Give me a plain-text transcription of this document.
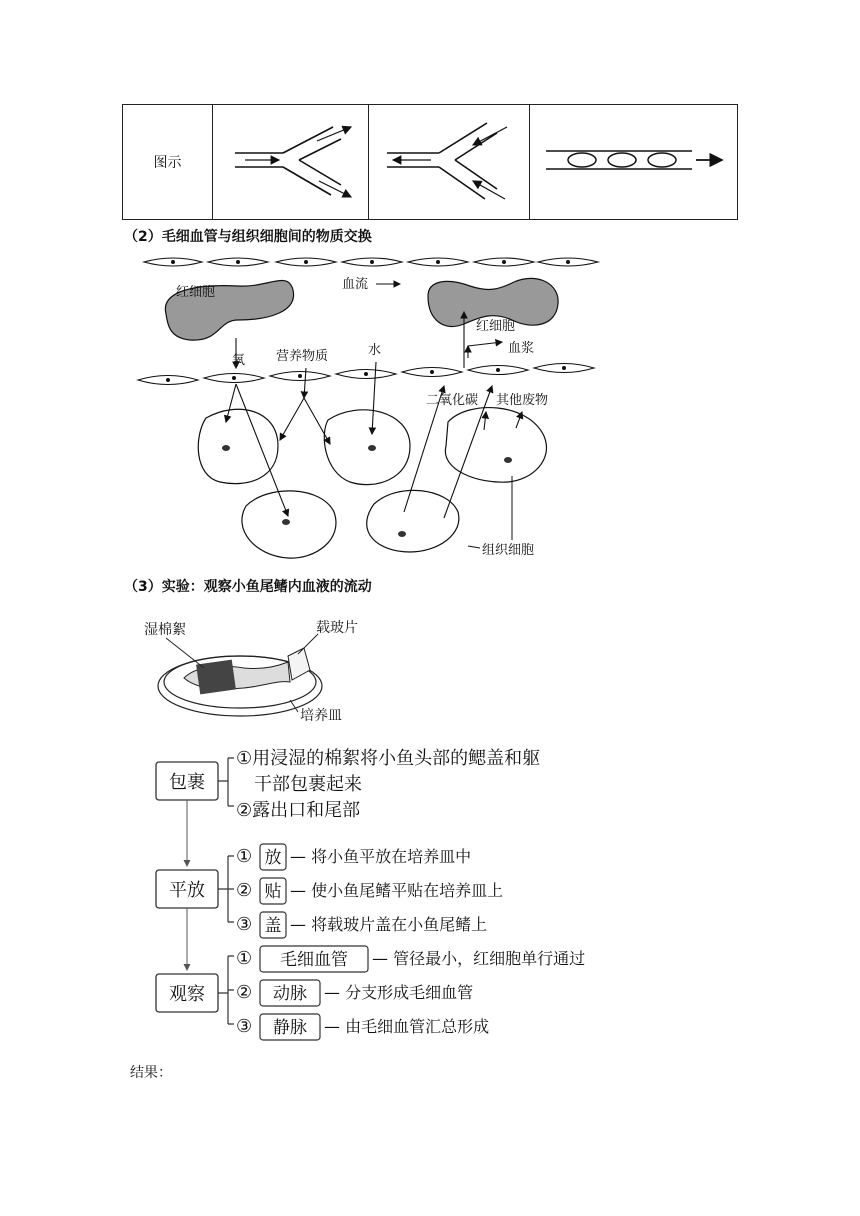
图示			
（2）毛细血管与组织细胞间的物质交换
红细胞
血流
红细胞
血浆
氧 营养物质	水
二氧化碳 其他废物
组织细胞
（3）实验：观察小鱼尾鳍内血液的流动
湿棉絮	载玻片
培养皿
包裹
平放
观察
①用浸湿的棉絮将小鱼头部的鳃盖和躯
干部包裹起来
②露出口和尾部
① 放 — 将小鱼平放在培养皿中
② 贴 — 使小鱼尾鳍平贴在培养皿上
③ 盖 — 将载玻片盖在小鱼尾鳍上
① 毛细血管 — 管径最小，红细胞单行通过
② 动脉 — 分支形成毛细血管
③ 静脉 — 由毛细血管汇总形成
结果：
